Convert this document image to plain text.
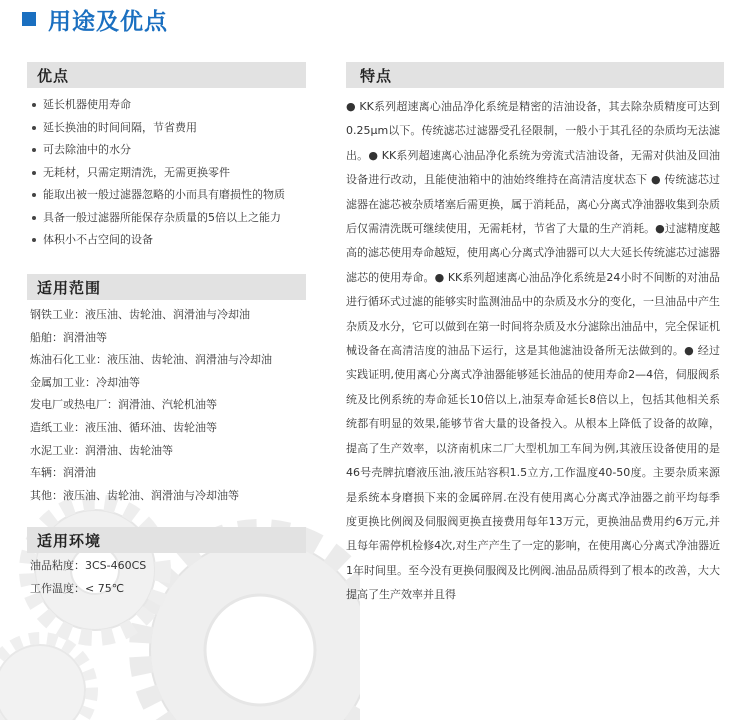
用途及优点
优点
延长机器使用寿命
延长换油的时间间隔，节省费用
可去除油中的水分
无耗材，只需定期清洗，无需更换零件
能取出被一般过滤器忽略的小而具有磨损性的物质
具备一般过滤器所能保存杂质量的5倍以上之能力
体积小不占空间的设备
适用范围
钢铁工业：液压油、齿轮油、润滑油与冷却油
船舶：润滑油等
炼油石化工业：液压油、齿轮油、润滑油与冷却油
金属加工业：冷却油等
发电厂或热电厂：润滑油、汽轮机油等
造纸工业：液压油、循环油、齿轮油等
水泥工业：润滑油、齿轮油等
车辆：润滑油
其他：液压油、齿轮油、润滑油与冷却油等
适用环境
油品粘度：3CS-460CS
工作温度：< 75℃
特点

● KK系列超速离心油品净化系统是精密的洁油设备，其去除杂质精度可达到0.25μm以下。传统滤芯过滤器受孔径限制，一般小于其孔径的杂质均无法滤出。● KK系列超速离心油品净化系统为旁流式洁油设备，无需对供油及回油设备进行改动，且能使油箱中的油始终维持在高清洁度状态下 ● 传统滤芯过滤器在滤芯被杂质堵塞后需更换，属于消耗品，离心分离式净油器收集到杂质后仅需清洗既可继续使用，无需耗材，节省了大量的生产消耗。●过滤精度越高的滤芯使用寿命越短，使用离心分离式净油器可以大大延长传统滤芯过滤器滤芯的使用寿命。● KK系列超速离心油品净化系统是24小时不间断的对油品进行循环式过滤的能够实时监测油品中的杂质及水分的变化，一旦油品中产生杂质及水分，它可以做到在第一时间将杂质及水分滤除出油品中，完全保证机械设备在高清洁度的油品下运行，这是其他滤油设备所无法做到的。● 经过实践证明,使用离心分离式净油器能够延长油品的使用寿命2—4倍，伺服阀系统及比例系统的寿命延长10倍以上,油泵寿命延长8倍以上，包括其他相关系统都有明显的效果,能够节省大量的设备投入。从根本上降低了设备的故障，提高了生产效率，以济南机床二厂大型机加工车间为例,其液压设备使用的是46号壳牌抗磨液压油,液压站容积1.5立方,工作温度40-50度。主要杂质来源是系统本身磨损下来的金属碎屑.在没有使用离心分离式净油器之前平均每季度更换比例阀及伺服阀更换直接费用每年13万元，更换油品费用约6万元,并且每年需停机检修4次,对生产产生了一定的影响，在使用离心分离式净油器近1年时间里。至今没有更换伺服阀及比例阀.油品品质得到了根本的改善，大大提高了生产效率并且得
